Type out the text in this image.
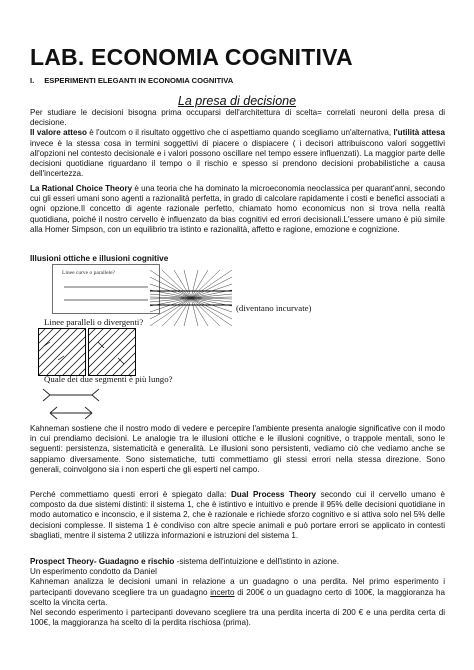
LAB. ECONOMIA COGNITIVA
I. ESPERIMENTI ELEGANTI IN ECONOMIA COGNITIVA
La presa di decisione
Per studiare le decisioni bisogna prima occuparsi dell'architettura di scelta= correlati neuroni della presa di decisione.
Il valore atteso è l'outcom o il risultato oggettivo che ci aspettiamo quando scegliamo un'alternativa, l'utilità attesa invece è la stessa cosa in termini soggettivi di piacere o dispiacere ( i decisori attribuiscono valori soggettivi all'opzioni nel contesto decisionale e i valori possono oscillare nel tempo essere influenzati). La maggior parte delle decisioni quotidiane riguardano il tempo o il rischio e spesso si prendono decisioni probabilistiche a causa dell'incertezza.
La Rational Choice Theory è una teoria che ha dominato la microeconomia neoclassica per quarant'anni, secondo cui gli esseri umani sono agenti a razionalità perfetta, in grado di calcolare rapidamente i costi e benefici associati a ogni opzione.Il concetto di agente razionale perfetto, chiamato homo economicus non si trova nella realtà quotidiana, poiché il nostro cervello è influenzato da bias cognitivi ed errori decisionali.L'essere umano è più simile alla Homer Simpson, con un equilibrio tra istinto e razionalità, affetto e ragione, emozione e cognizione.
Illusioni ottiche e illusioni cognitive
Linee curve o parallele?
(diventano incurvate)
Linee paralleli o divergenti?
Quale dei due segmenti è più lungo?
Kahneman sostiene che il nostro modo di vedere e percepire l'ambiente presenta analogie significative con il modo in cui prendiamo decisioni. Le analogie tra le illusioni ottiche e le illusioni cognitive, o trappole mentali, sono le seguenti: persistenza, sistematicità e generalità. Le illusioni sono persistenti, vediamo ciò che vediamo anche se sappiamo diversamente. Sono sistematiche, tutti commettiamo gli stessi errori nella stessa direzione. Sono generali, coinvolgono sia i non esperti che gli esperti nel campo.
Perché commettiamo questi errori è spiegato dalla: Dual Process Theory secondo cui il cervello umano è composto da due sistemi distinti: il sistema 1, che è istintivo e intuitivo e prende il 95% delle decisioni quotidiane in modo automatico e inconscio, e il sistema 2, che è razionale e richiede sforzo cognitivo e si attiva solo nel 5% delle decisioni complesse. Il sistema 1 è condiviso con altre specie animali e può portare errori se applicato in contesti sbagliati, mentre il sistema 2 utilizza informazioni e istruzioni del sistema 1.
Prospect Theory- Guadagno e rischio -sistema dell'intuizione e dell'istinto in azione.
Un esperimento condotto da Daniel
Kahneman analizza le decisioni umani in relazione a un guadagno o una perdita. Nel primo esperimento i partecipanti dovevano scegliere tra un guadagno incerto di 200€ o un guadagno certo di 100€, la maggioranza ha scelto la vincita certa.
Nel secondo esperimento i partecipanti dovevano scegliere tra una perdita incerta di 200 € e una perdita certa di 100€, la maggioranza ha scelto di la perdita rischiosa (prima).
